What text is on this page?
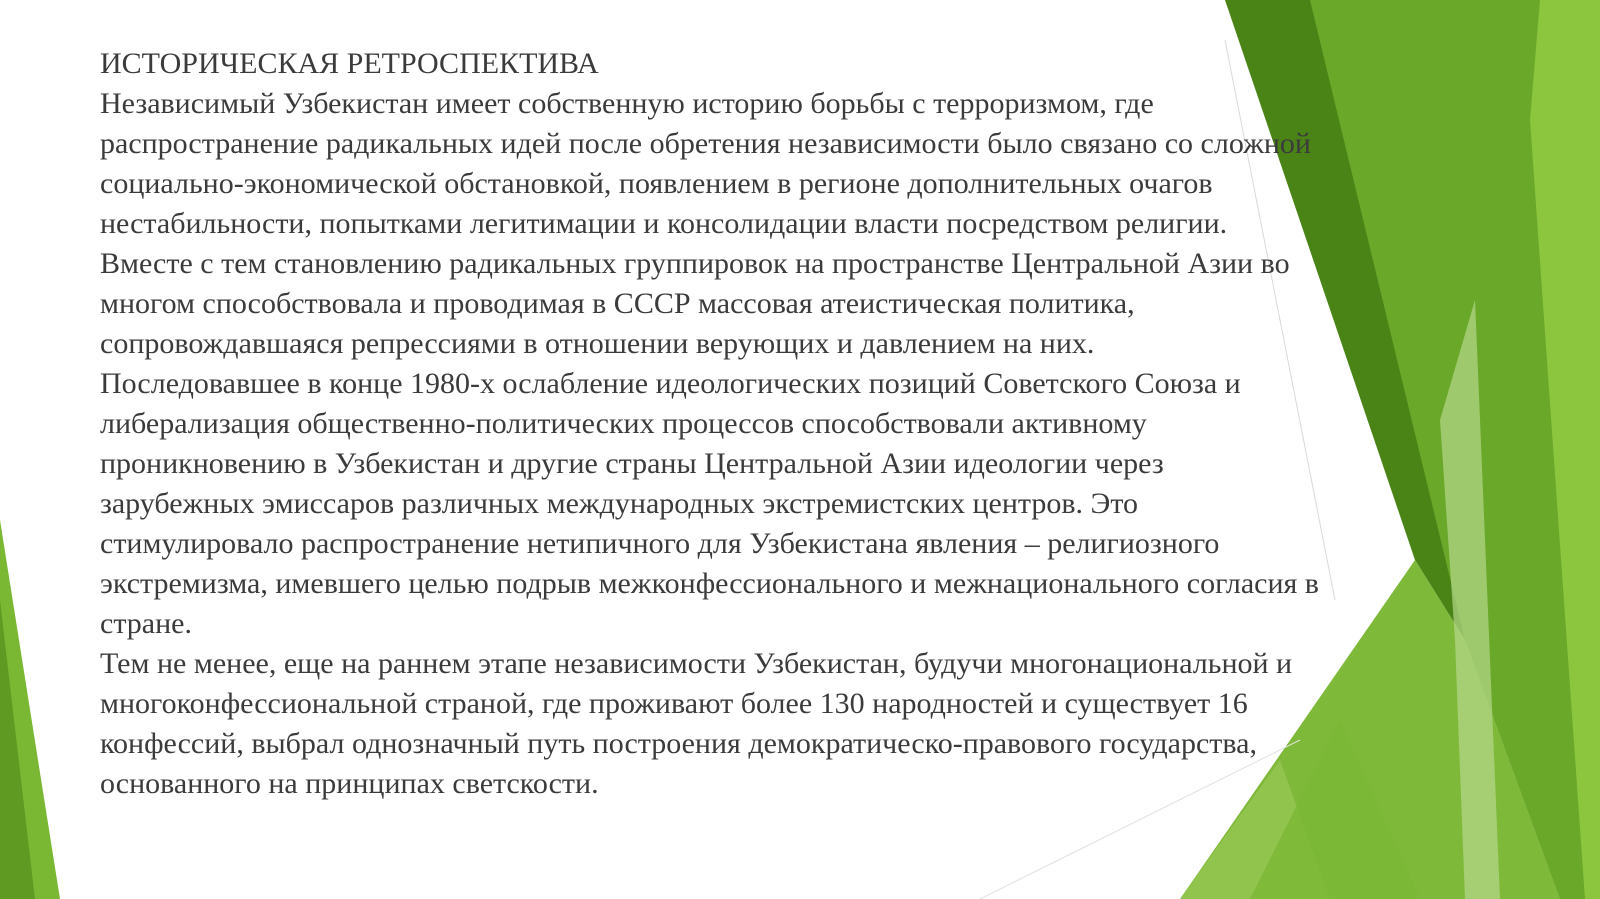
ИСТОРИЧЕСКАЯ РЕТРОСПЕКТИВА

Независимый Узбекистан имеет собственную историю борьбы с терроризмом, где

распространение радикальных идей после обретения независимости было связано со сложной

социально-экономической обстановкой, появлением в регионе дополнительных очагов

нестабильности, попытками легитимации и консолидации власти посредством религии.

Вместе с тем становлению радикальных группировок на пространстве Центральной Азии во

многом способствовала и проводимая в СССР массовая атеистическая политика,

сопровождавшаяся репрессиями в отношении верующих и давлением на них.

Последовавшее в конце 1980-х ослабление идеологических позиций Советского Союза и

либерализация общественно-политических процессов способствовали активному

проникновению в Узбекистан и другие страны Центральной Азии идеологии через

зарубежных эмиссаров различных международных экстремистских центров. Это

стимулировало распространение нетипичного для Узбекистана явления – религиозного

экстремизма, имевшего целью подрыв межконфессионального и межнационального согласия в

стране.

Тем не менее, еще на раннем этапе независимости Узбекистан, будучи многонациональной и

многоконфессиональной страной, где проживают более 130 народностей и существует 16

конфессий, выбрал однозначный путь построения демократическо-правового государства,

основанного на принципах светскости.
